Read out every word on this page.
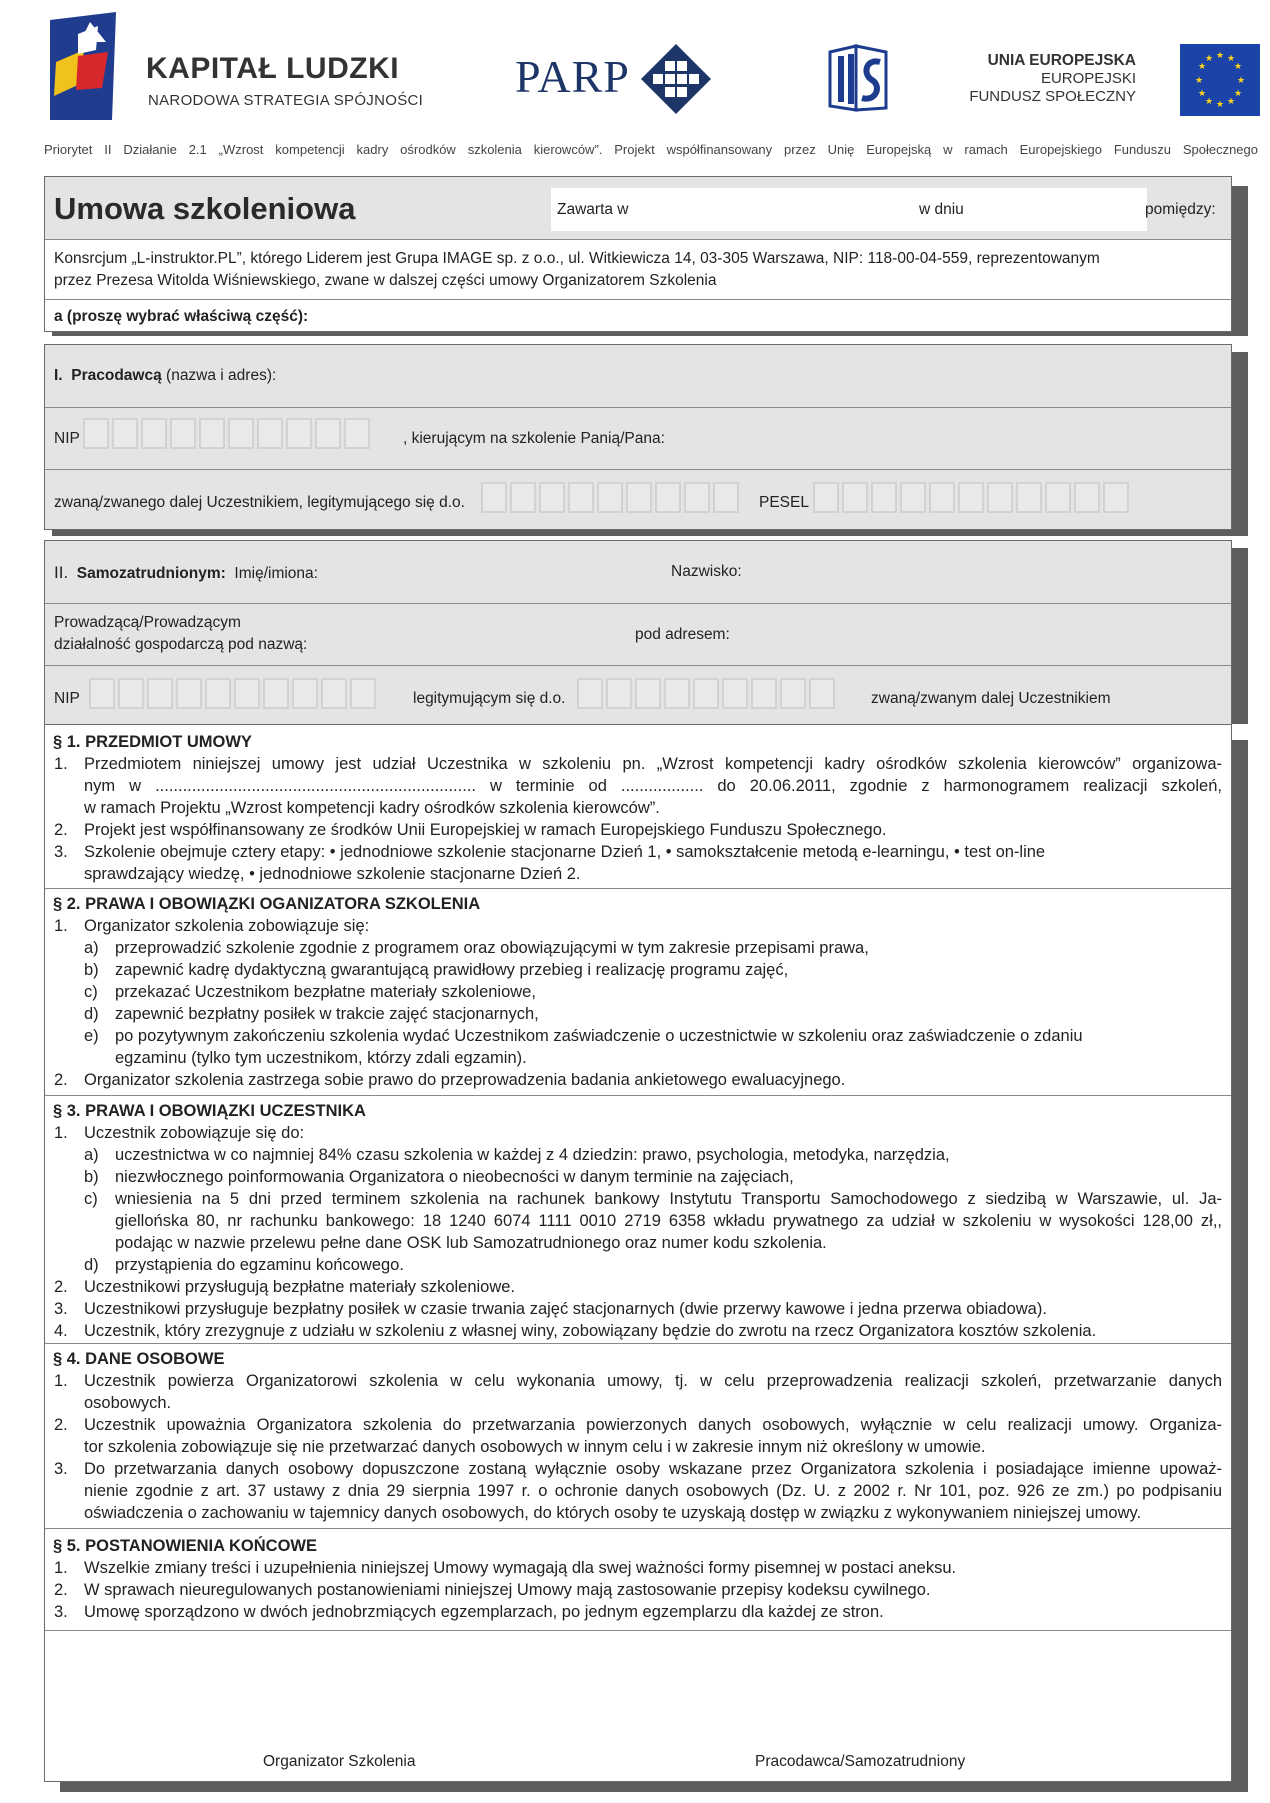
KAPITAŁ LUDZKI
NARODOWA STRATEGIA SPÓJNOŚCI PARP	UNIA EUROPEJSKA
EUROPEJSKI
FUNDUSZ SPOŁECZNY
★ ★
★
★
★
★
★
★
★
★
★
★
Priorytet II Działanie 2.1 „Wzrost kompetencji kadry ośrodków szkolenia kierowców”. Projekt współfinansowany przez Unię Europejską w ramach Europejskiego Funduszu Społecznego
Umowa szkoleniowa	Zawarta w	w dniu	pomiędzy:
Konsrcjum „L-instruktor.PL”, którego Liderem jest Grupa IMAGE sp. z o.o., ul. Witkiewicza 14, 03-305 Warszawa, NIP: 118-00-04-559, reprezentowanym
przez Prezesa Witolda Wiśniewskiego, zwane w dalszej części umowy Organizatorem Szkolenia
a (proszę wybrać właściwą część):
I. Pracodawcą (nazwa i adres):
NIP	, kierującym na szkolenie Panią/Pana:
zwaną/zwanego dalej Uczestnikiem, legitymującego się d.o.	PESEL
II. Samozatrudnionym: Imię/imiona:	Nazwisko:
Prowadzącą/Prowadzącym
działalność gospodarczą pod nazwą:
pod adresem:
NIP	legitymującym się d.o.	zwaną/zwanym dalej Uczestnikiem
§ 1. PRZEDMIOT UMOWY
1. Przedmiotem niniejszej umowy jest udział Uczestnika w szkoleniu pn. „Wzrost kompetencji kadry ośrodków szkolenia kierowców” organizowa-
nym w ...................................................................... w terminie od .................. do 20.06.2011, zgodnie z harmonogramem realizacji szkoleń,
w ramach Projektu „Wzrost kompetencji kadry ośrodków szkolenia kierowców”.
2. Projekt jest współfinansowany ze środków Unii Europejskiej w ramach Europejskiego Funduszu Społecznego.
3. Szkolenie obejmuje cztery etapy: • jednodniowe szkolenie stacjonarne Dzień 1, • samokształcenie metodą e-learningu, • test on-line
sprawdzający wiedzę, • jednodniowe szkolenie stacjonarne Dzień 2.
§ 2. PRAWA I OBOWIĄZKI OGANIZATORA SZKOLENIA
1. Organizator szkolenia zobowiązuje się:
a) przeprowadzić szkolenie zgodnie z programem oraz obowiązującymi w tym zakresie przepisami prawa,
b) zapewnić kadrę dydaktyczną gwarantującą prawidłowy przebieg i realizację programu zajęć,
c) przekazać Uczestnikom bezpłatne materiały szkoleniowe,
d) zapewnić bezpłatny posiłek w trakcie zajęć stacjonarnych,
e) po pozytywnym zakończeniu szkolenia wydać Uczestnikom zaświadczenie o uczestnictwie w szkoleniu oraz zaświadczenie o zdaniu
egzaminu (tylko tym uczestnikom, którzy zdali egzamin).
2. Organizator szkolenia zastrzega sobie prawo do przeprowadzenia badania ankietowego ewaluacyjnego.
§ 3. PRAWA I OBOWIĄZKI UCZESTNIKA
1. Uczestnik zobowiązuje się do:
a) uczestnictwa w co najmniej 84% czasu szkolenia w każdej z 4 dziedzin: prawo, psychologia, metodyka, narzędzia,
b) niezwłocznego poinformowania Organizatora o nieobecności w danym terminie na zajęciach,
c) wniesienia na 5 dni przed terminem szkolenia na rachunek bankowy Instytutu Transportu Samochodowego z siedzibą w Warszawie, ul. Ja-
giellońska 80, nr rachunku bankowego: 18 1240 6074 1111 0010 2719 6358 wkładu prywatnego za udział w szkoleniu w wysokości 128,00 zł,,
podając w nazwie przelewu pełne dane OSK lub Samozatrudnionego oraz numer kodu szkolenia.
d) przystąpienia do egzaminu końcowego.
2. Uczestnikowi przysługują bezpłatne materiały szkoleniowe.
3. Uczestnikowi przysługuje bezpłatny posiłek w czasie trwania zajęć stacjonarnych (dwie przerwy kawowe i jedna przerwa obiadowa).
4. Uczestnik, który zrezygnuje z udziału w szkoleniu z własnej winy, zobowiązany będzie do zwrotu na rzecz Organizatora kosztów szkolenia.
§ 4. DANE OSOBOWE
1. Uczestnik powierza Organizatorowi szkolenia w celu wykonania umowy, tj. w celu przeprowadzenia realizacji szkoleń, przetwarzanie danych
osobowych.
2. Uczestnik upoważnia Organizatora szkolenia do przetwarzania powierzonych danych osobowych, wyłącznie w celu realizacji umowy. Organiza-
tor szkolenia zobowiązuje się nie przetwarzać danych osobowych w innym celu i w zakresie innym niż określony w umowie.
3. Do przetwarzania danych osobowy dopuszczone zostaną wyłącznie osoby wskazane przez Organizatora szkolenia i posiadające imienne upoważ-
nienie zgodnie z art. 37 ustawy z dnia 29 sierpnia 1997 r. o ochronie danych osobowych (Dz. U. z 2002 r. Nr 101, poz. 926 ze zm.) po podpisaniu
oświadczenia o zachowaniu w tajemnicy danych osobowych, do których osoby te uzyskają dostęp w związku z wykonywaniem niniejszej umowy.
§ 5. POSTANOWIENIA KOŃCOWE
1. Wszelkie zmiany treści i uzupełnienia niniejszej Umowy wymagają dla swej ważności formy pisemnej w postaci aneksu.
2. W sprawach nieuregulowanych postanowieniami niniejszej Umowy mają zastosowanie przepisy kodeksu cywilnego.
3. Umowę sporządzono w dwóch jednobrzmiących egzemplarzach, po jednym egzemplarzu dla każdej ze stron.
Organizator Szkolenia	Pracodawca/Samozatrudniony
